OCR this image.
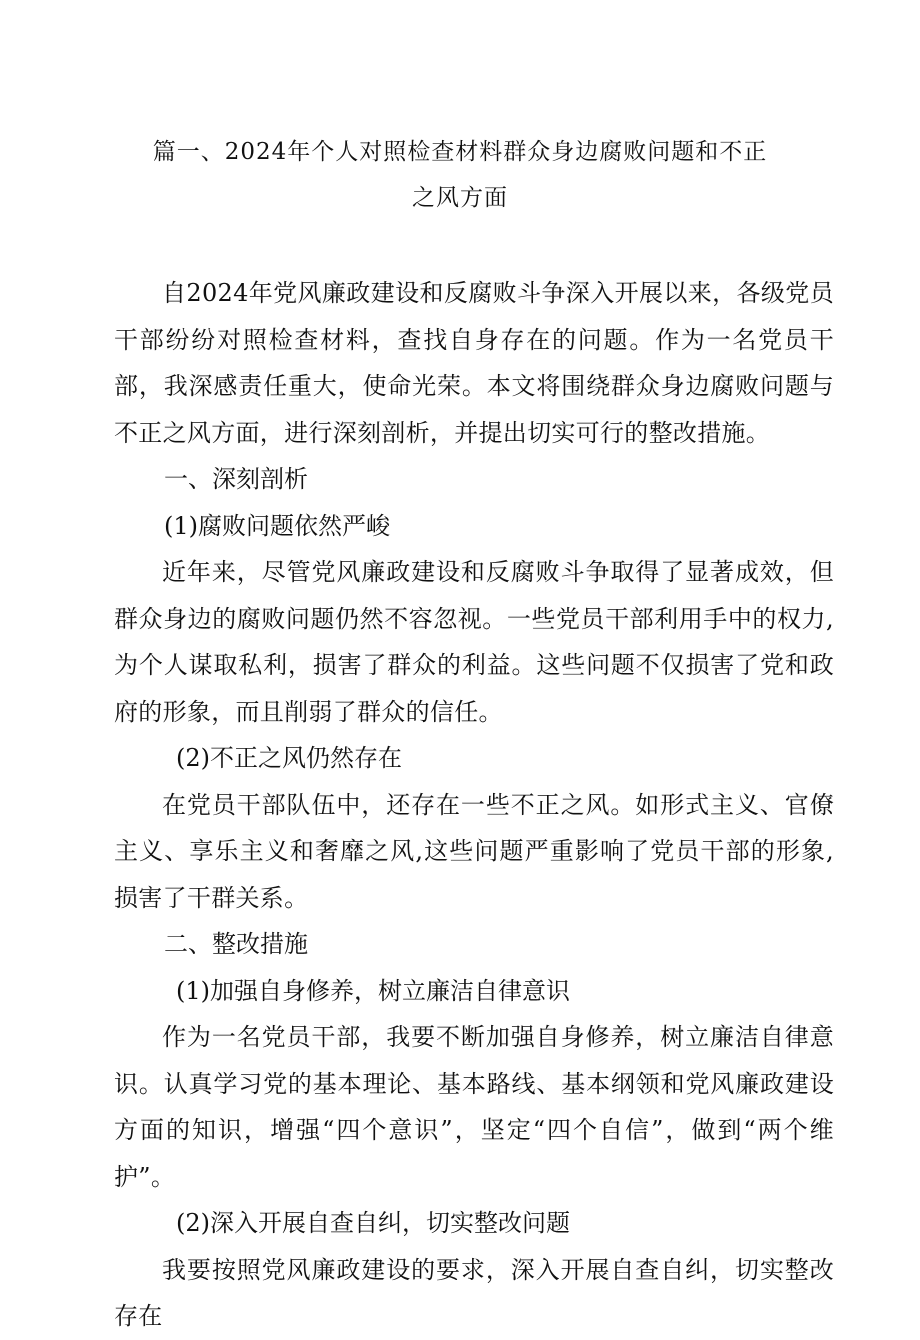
篇一、2024年个人对照检查材料群众身边腐败问题和不正
之风方面

自2024年党风廉政建设和反腐败斗争深入开展以来，各级党员干部纷纷对照检查材料，查找自身存在的问题。作为一名党员干部，我深感责任重大，使命光荣。本文将围绕群众身边腐败问题与不正之风方面，进行深刻剖析，并提出切实可行的整改措施。

一、深刻剖析

(1)腐败问题依然严峻

近年来，尽管党风廉政建设和反腐败斗争取得了显著成效，但群众身边的腐败问题仍然不容忽视。一些党员干部利用手中的权力,为个人谋取私利，损害了群众的利益。这些问题不仅损害了党和政府的形象，而且削弱了群众的信任。

(2)不正之风仍然存在

在党员干部队伍中，还存在一些不正之风。如形式主义、官僚主义、享乐主义和奢靡之风,这些问题严重影响了党员干部的形象,损害了干群关系。

二、整改措施

(1)加强自身修养，树立廉洁自律意识

作为一名党员干部，我要不断加强自身修养，树立廉洁自律意识。认真学习党的基本理论、基本路线、基本纲领和党风廉政建设方面的知识，增强“四个意识”，坚定“四个自信”，做到“两个维护”。

(2)深入开展自查自纠，切实整改问题

我要按照党风廉政建设的要求，深入开展自查自纠，切实整改存在
